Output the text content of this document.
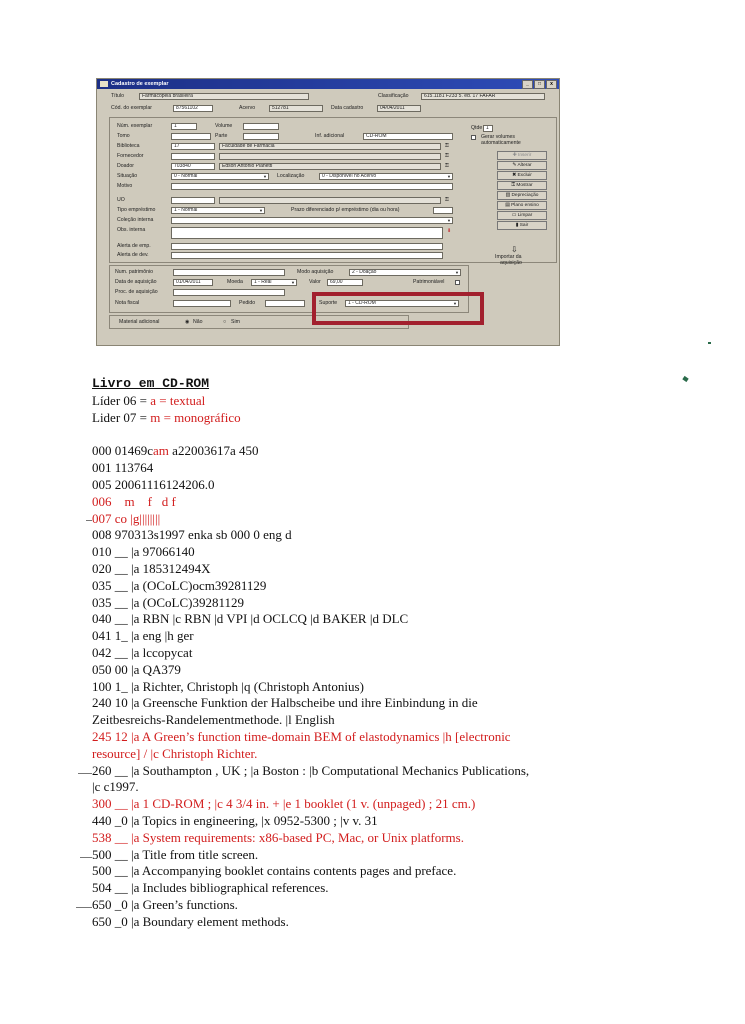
Cadastro de exemplar	_	□	x
Título	Farmacopeia brasileira	Classificação	615.1181 F233 5. ed. 17 FAFAR
Cód. do exemplar	87561102	Acervo	512781	Data cadastro	04/04/2011
Núm. exemplar	1	Volume
Tomo	Parte	Inf. adicional	CD-ROM
Biblioteca	17	Faculdade de Farmácia	⚿
Fornecedor	⚿
Doador	703840	Edson Antonio Pianetti	⚿
Situação	0 - Normal ▼	Localização	0 - Disponível no Acervo ▼
Motivo
UO	⚿
Tipo empréstimo	1 - Normal ▼	Prazo diferenciado p/ empréstimo (dia ou hora)
Coleção interna
▼
Obs. interna	⬇
Alerta de emp.
Alerta de dev.
Num. patrimônio	Modo aquisição	2 - Doação ▼
Data de aquisição	01/04/2011	Moeda	1 - Real ▼	Valor	69,00	Patrimoniável
Proc. de aquisição
Nota fiscal	Pedido	Suporte	1 - CD-ROM ▼
Material adicional	◉ Não	○ Sim
Qtde 1
Gerar volumes
automaticamente
✚ Inserir
✎ Alterar
✖ Excluir
⚿ Mostrar
▥ Depreciação
▤ Plano ensino
▭ Limpar
▮ Sair
⇩
Importar da
aquisição
Livro em CD-ROM
Líder 06 = a = textual
Lider 07 = m = monográfico
000 01469cam a22003617a 450
001 113764
005 20061116124206.0
006    m    f   d f
007 co |g||||||||
008 970313s1997 enka sb 000 0 eng d
010 __ |a 97066140
020 __ |a 185312494X
035 __ |a (OCoLC)ocm39281129
035 __ |a (OCoLC)39281129
040 __ |a RBN |c RBN |d VPI |d OCLCQ |d BAKER |d DLC
041 1_ |a eng |h ger
042 __ |a lccopycat
050 00 |a QA379
100 1_ |a Richter, Christoph |q (Christoph Antonius)
240 10 |a Greensche Funktion der Halbscheibe und ihre Einbindung in die Zeitbesreichs-Randelementmethode. |l English
245 12 |a A Green’s function time-domain BEM of elastodynamics |h [electronic resource] / |c Christoph Richter.
260 __ |a Southampton , UK ; |a Boston : |b Computational Mechanics Publications, |c c1997.
300 __ |a 1 CD-ROM ; |c 4 3/4 in. + |e 1 booklet (1 v. (unpaged) ; 21 cm.)
440 _0 |a Topics in engineering, |x 0952-5300 ; |v v. 31
538 __ |a System requirements: x86-based PC, Mac, or Unix platforms.
500 __ |a Title from title screen.
500 __ |a Accompanying booklet contains contents pages and preface.
504 __ |a Includes bibliographical references.
650 _0 |a Green’s functions.
650 _0 |a Boundary element methods.
